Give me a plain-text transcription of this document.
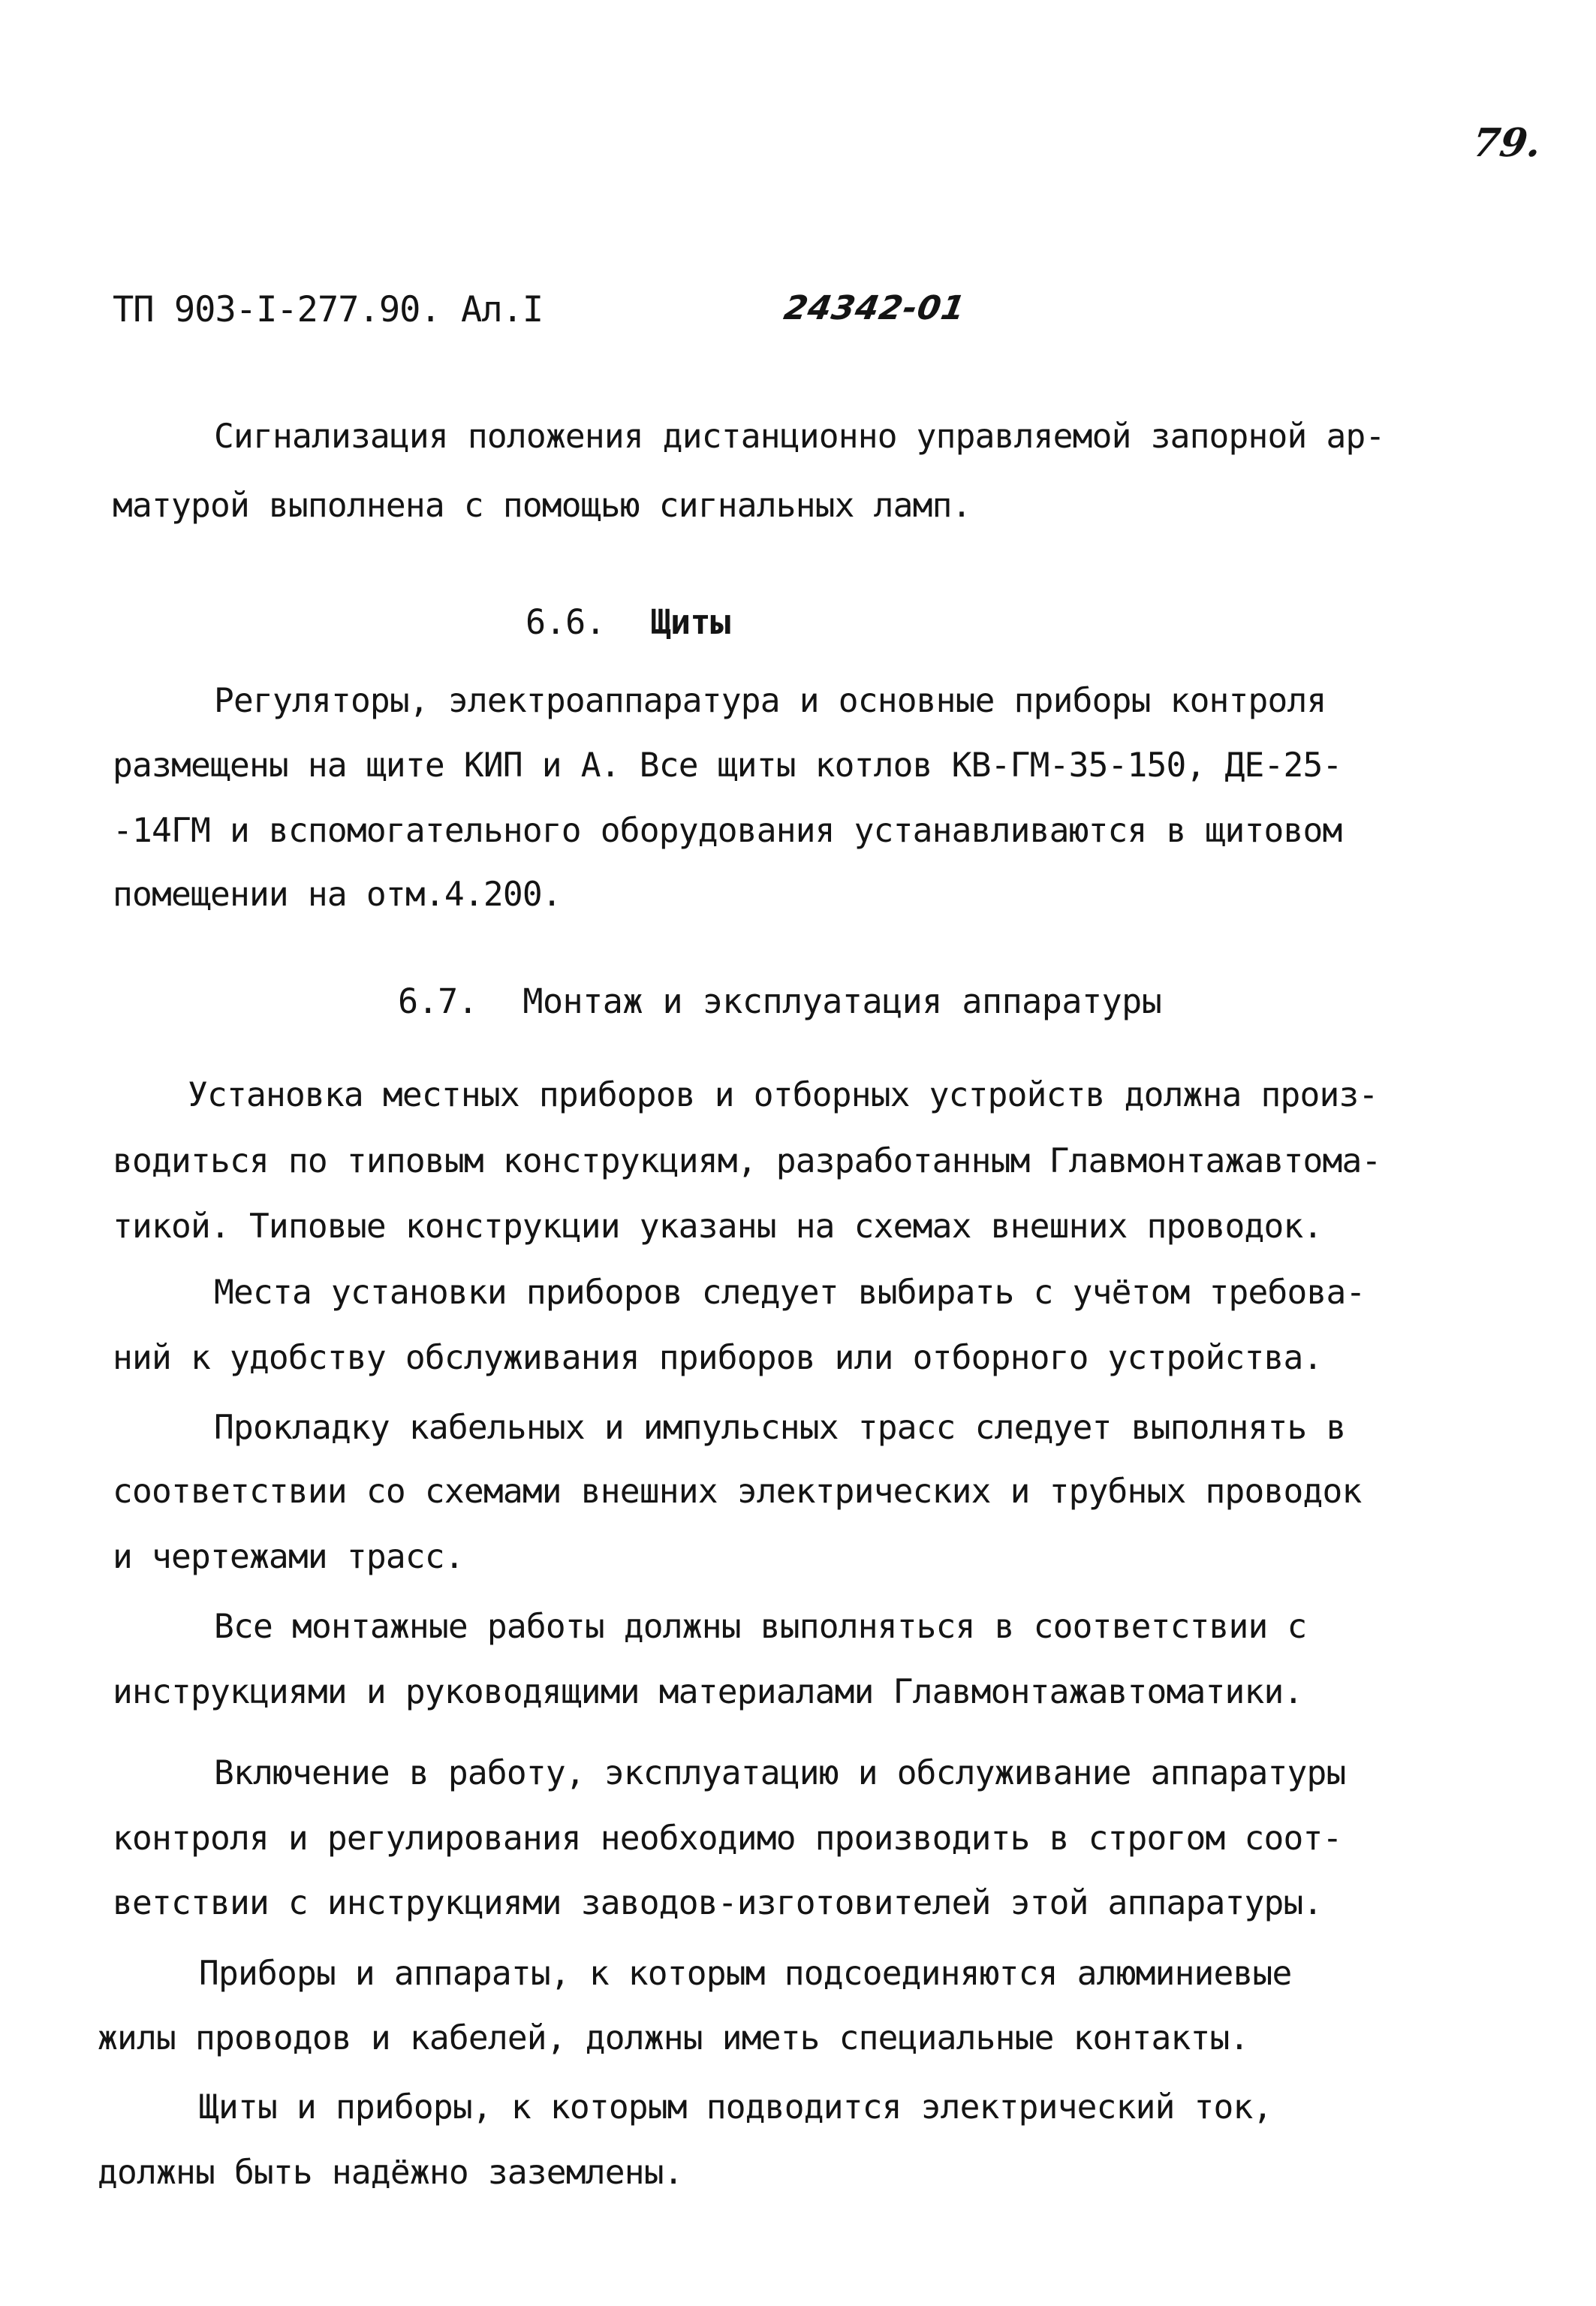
79.
ТП 903-I-277.90. Ал.I	24342-01
Сигнализация положения дистанционно управляемой запорной ар-
матурой выполнена с помощью сигнальных ламп.
6.6. Щиты
Регуляторы, электроаппаратура и основные приборы контроля
размещены на щите КИП и А. Все щиты котлов КВ-ГМ-35-150, ДЕ-25-
-14ГМ и вспомогательного оборудования устанавливаются в щитовом
помещении на отм.4.200.
6.7. Монтаж и эксплуатация аппаратуры
Установка местных приборов и отборных устройств должна произ-
водиться по типовым конструкциям, разработанным Главмонтажавтома-
тикой. Типовые конструкции указаны на схемах внешних проводок.
Места установки приборов следует выбирать с учётом требова-
ний к удобству обслуживания приборов или отборного устройства.
Прокладку кабельных и импульсных трасс следует выполнять в
соответствии со схемами внешних электрических и трубных проводок
и чертежами трасс.
Все монтажные работы должны выполняться в соответствии с
инструкциями и руководящими материалами Главмонтажавтоматики.
Включение в работу, эксплуатацию и обслуживание аппаратуры
контроля и регулирования необходимо производить в строгом соот-
ветствии с инструкциями заводов-изготовителей этой аппаратуры.
Приборы и аппараты, к которым подсоединяются алюминиевые
жилы проводов и кабелей, должны иметь специальные контакты.
Щиты и приборы, к которым подводится электрический ток,
должны быть надёжно заземлены.
